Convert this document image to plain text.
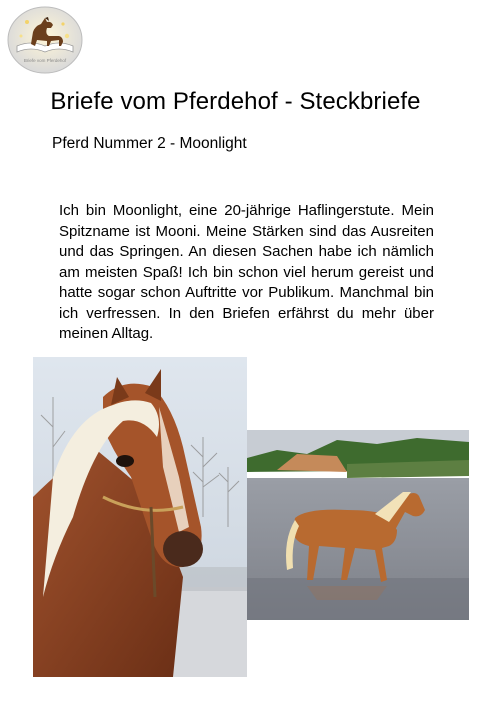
Briefe vom Pferdehof
Briefe vom Pferdehof - Steckbriefe
Pferd Nummer 2 - Moonlight
Ich bin Moonlight, eine 20-jährige Haflingerstute. Mein Spitzname ist Mooni. Meine Stärken sind das Ausreiten und das Springen. An diesen Sachen habe ich nämlich am meisten Spaß! Ich bin schon viel herum gereist und hatte sogar schon Auftritte vor Publikum. Manchmal bin ich verfressen. In den Briefen erfährst du mehr über meinen Alltag.
